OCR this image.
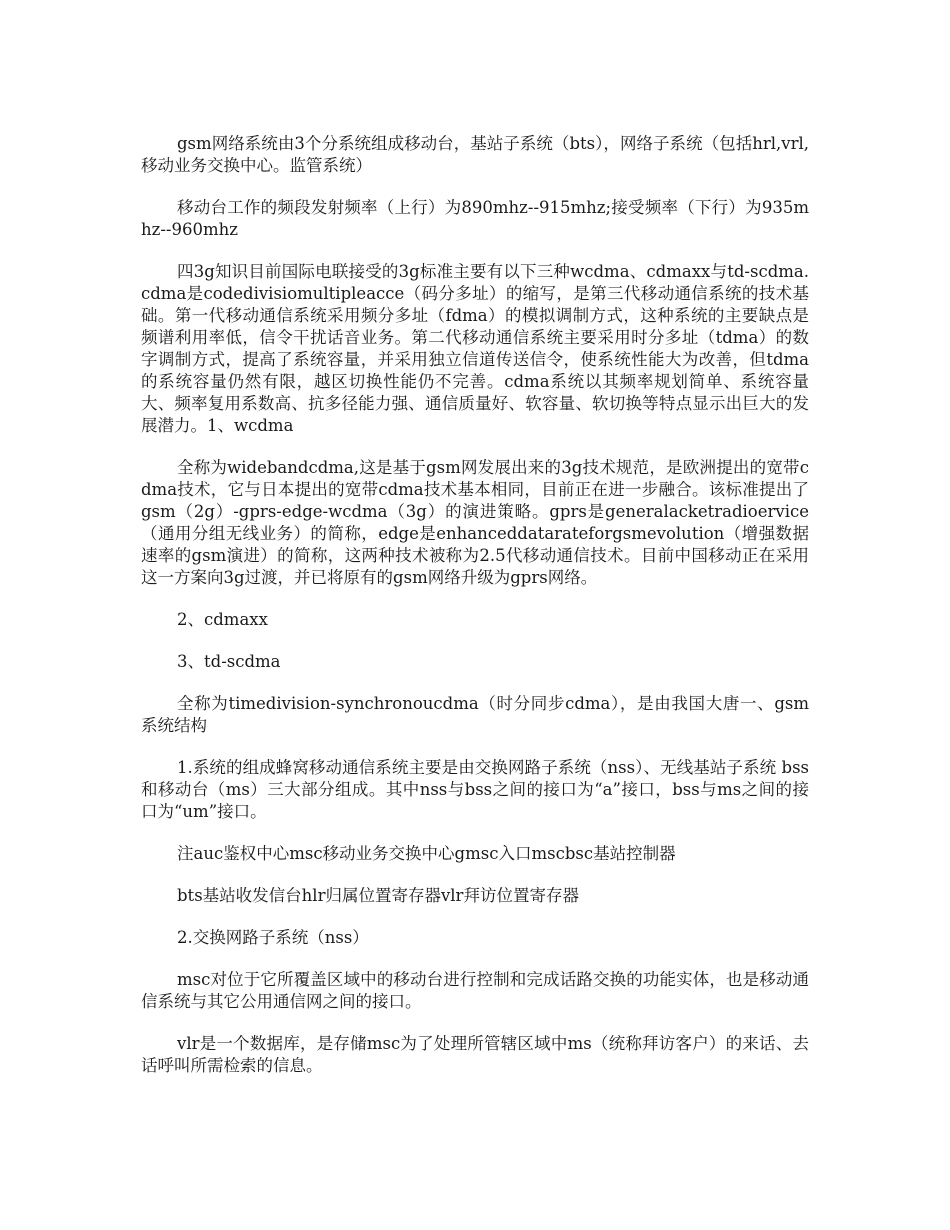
gsm网络系统由3个分系统组成移动台，基站子系统（bts），网络子系统（包括hrl,vrl,移动业务交换中心。监管系统）

移动台工作的频段发射频率（上行）为890mhz--915mhz;接受频率（下行）为935mhz--960mhz

四3g知识目前国际电联接受的3g标准主要有以下三种wcdma、cdmaxx与td-scdma.cdma是codedivisiomultipleacce（码分多址）的缩写，是第三代移动通信系统的技术基础。第一代移动通信系统采用频分多址（fdma）的模拟调制方式，这种系统的主要缺点是频谱利用率低，信令干扰话音业务。第二代移动通信系统主要采用时分多址（tdma）的数字调制方式，提高了系统容量，并采用独立信道传送信令，使系统性能大为改善，但tdma的系统容量仍然有限，越区切换性能仍不完善。cdma系统以其频率规划简单、系统容量大、频率复用系数高、抗多径能力强、通信质量好、软容量、软切换等特点显示出巨大的发展潜力。1、wcdma

全称为widebandcdma,这是基于gsm网发展出来的3g技术规范，是欧洲提出的宽带cdma技术，它与日本提出的宽带cdma技术基本相同，目前正在进一步融合。该标准提出了gsm（2g）-gprs-edge-wcdma（3g）的演进策略。gprs是generalacketradioervice（通用分组无线业务）的简称，edge是enhanceddatarateforgsmevolution（增强数据速率的gsm演进）的简称，这两种技术被称为2.5代移动通信技术。目前中国移动正在采用这一方案向3g过渡，并已将原有的gsm网络升级为gprs网络。

2、cdmaxx

3、td-scdma

全称为timedivision-synchronoucdma（时分同步cdma），是由我国大唐一、gsm系统结构

1.系统的组成蜂窝移动通信系统主要是由交换网路子系统（nss）、无线基站子系统 bss和移动台（ms）三大部分组成。其中nss与bss之间的接口为“a”接口，bss与ms之间的接口为“um”接口。

注auc鉴权中心msc移动业务交换中心gmsc入口mscbsc基站控制器

bts基站收发信台hlr归属位置寄存器vlr拜访位置寄存器

2.交换网路子系统（nss）

msc对位于它所覆盖区域中的移动台进行控制和完成话路交换的功能实体，也是移动通信系统与其它公用通信网之间的接口。

vlr是一个数据库，是存储msc为了处理所管辖区域中ms（统称拜访客户）的来话、去话呼叫所需检索的信息。
